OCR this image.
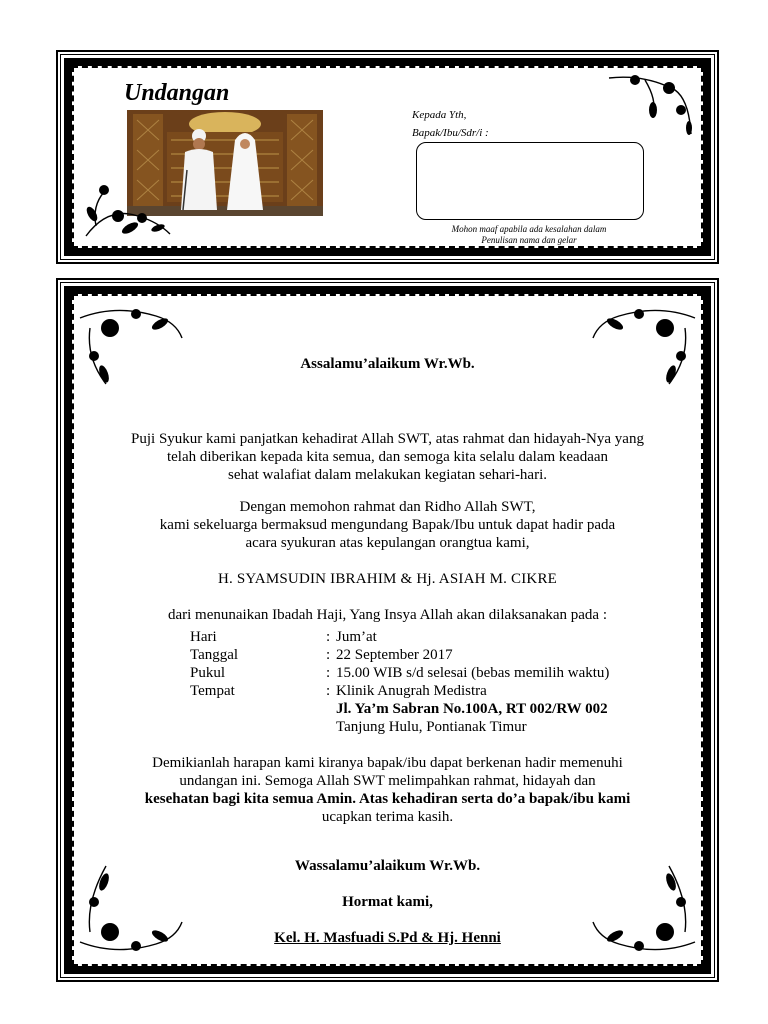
Undangan
Kepada Yth,
Bapak/Ibu/Sdr/i :
Mohon maaf apabila ada kesalahan dalam
Penulisan nama dan gelar
Assalamu’alaikum Wr.Wb.
Puji Syukur kami panjatkan kehadirat Allah SWT, atas rahmat dan hidayah-Nya yang
telah diberikan kepada kita semua, dan semoga kita selalu dalam keadaan
sehat walafiat dalam melakukan kegiatan sehari-hari.
Dengan memohon rahmat dan Ridho Allah SWT,
kami sekeluarga bermaksud mengundang Bapak/Ibu untuk dapat hadir pada
acara syukuran atas kepulangan orangtua kami,
H. SYAMSUDIN IBRAHIM & Hj. ASIAH M. CIKRE
dari menunaikan Ibadah Haji, Yang Insya Allah akan dilaksanakan pada :
Hari	: Jum’at
Tanggal	: 22 September 2017
Pukul	: 15.00 WIB s/d selesai (bebas memilih waktu)
Tempat	: Klinik Anugrah Medistra
Jl. Ya’m Sabran No.100A, RT 002/RW 002
Tanjung Hulu, Pontianak Timur
Demikianlah harapan kami kiranya bapak/ibu dapat berkenan hadir memenuhi
undangan ini. Semoga Allah SWT melimpahkan rahmat, hidayah dan
kesehatan bagi kita semua Amin. Atas kehadiran serta do’a bapak/ibu kami
ucapkan terima kasih.
Wassalamu’alaikum Wr.Wb.
Hormat kami,
Kel. H. Masfuadi S.Pd & Hj. Henni
